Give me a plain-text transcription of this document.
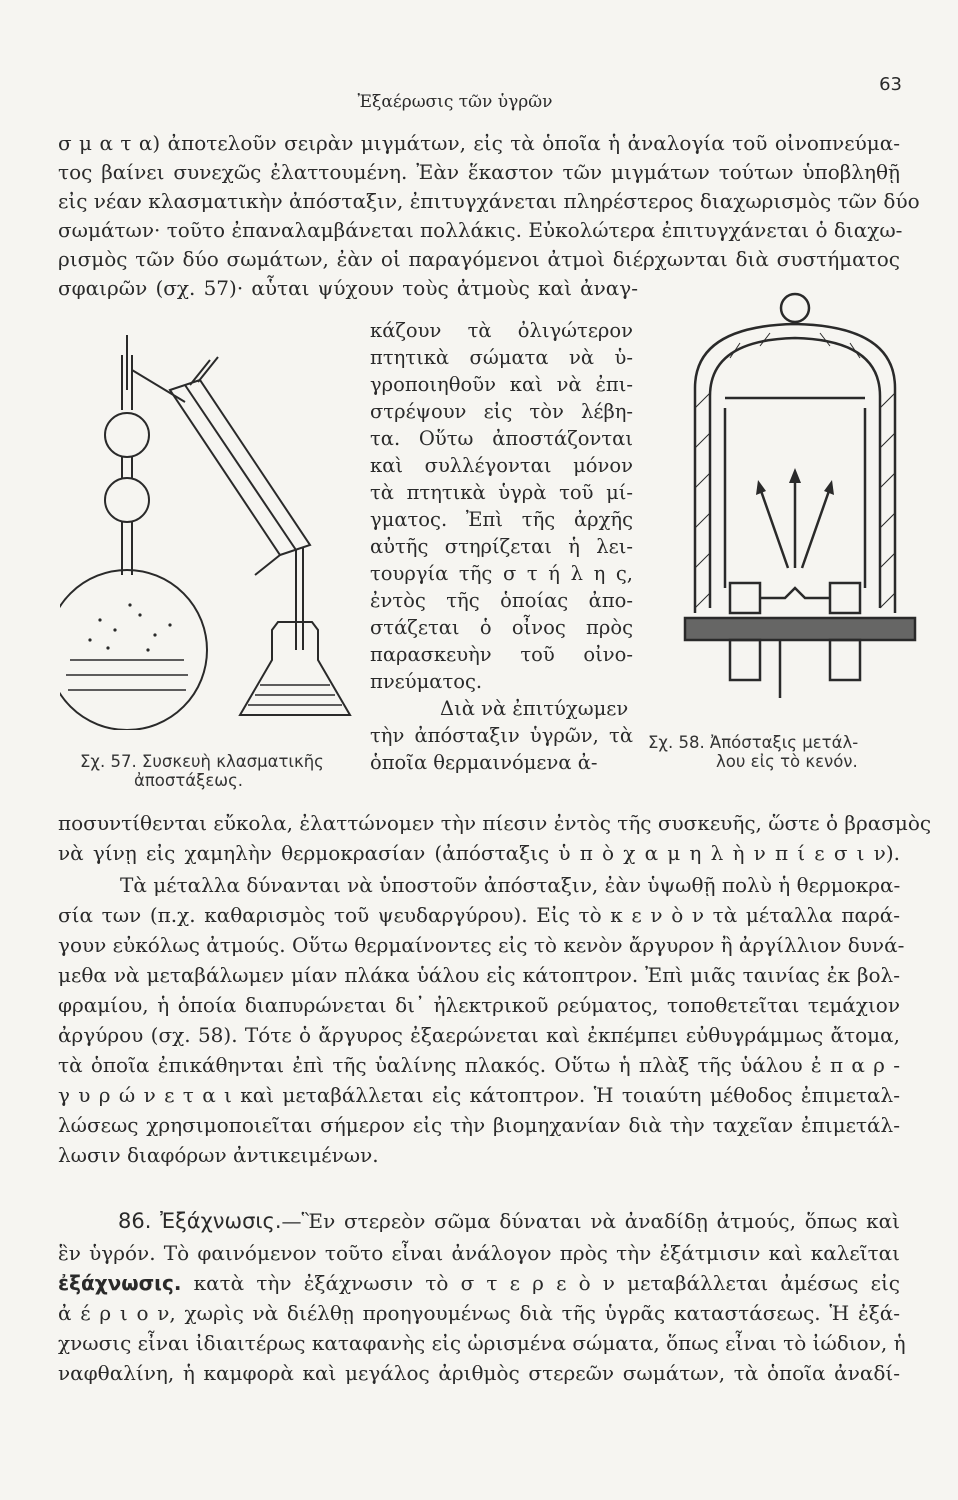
Ἐξαέρωσις τῶν ὑγρῶν
63
σ μ α τ α) ἀποτελοῦν σειρὰν μιγμάτων, εἰς τὰ ὁποῖα ἡ ἀναλογία τοῦ οἰνοπνεύμα-
τος βαίνει συνεχῶς ἐλαττουμένη. Ἐὰν ἕκαστον τῶν μιγμάτων τούτων ὑποβληθῇ
εἰς νέαν κλασματικὴν ἀπόσταξιν, ἐπιτυγχάνεται πληρέστερος διαχωρισμὸς τῶν δύο
σωμάτων· τοῦτο ἐπαναλαμβάνεται πολλάκις. Εὐκολώτερα ἐπιτυγχάνεται ὁ διαχω-
ρισμὸς τῶν δύο σωμάτων, ἐὰν οἱ παραγόμενοι ἀτμοὶ διέρχωνται διὰ συστήματος
σφαιρῶν (σχ. 57)· αὗται ψύχουν τοὺς ἀτμοὺς καὶ ἀναγ-
κάζουν τὰ ὀλιγώτερον
πτητικὰ σώματα νὰ ὑ-
γροποιηθοῦν καὶ νὰ ἐπι-
στρέψουν εἰς τὸν λέβη-
τα. Οὕτω ἀποστάζονται
καὶ συλλέγονται μόνον
τὰ πτητικὰ ὑγρὰ τοῦ μί-
γματος. Ἐπὶ τῆς ἀρχῆς
αὐτῆς στηρίζεται ἡ λει-
τουργία τῆς σ τ ή λ η ς,
ἐντὸς τῆς ὁποίας ἀπο-
στάζεται ὁ οἶνος πρὸς
παρασκευὴν τοῦ οἰνο-
πνεύματος.
Διὰ νὰ ἐπιτύχωμεν
τὴν ἀπόσταξιν ὑγρῶν, τὰ
ὁποῖα θερμαινόμενα ἀ-
Σχ. 57. Συσκευὴ κλασματικῆς
ἀποστάξεως.
Σχ. 58. Ἀπόσταξις μετάλ-
λου εἰς τὸ κενόν.
ποσυντίθενται εὔκολα, ἐλαττώνομεν τὴν πίεσιν ἐντὸς τῆς συσκευῆς, ὥστε ὁ βρασμὸς
νὰ γίνῃ εἰς χαμηλὴν θερμοκρασίαν (ἀπόσταξις ὑ π ὸ χ α μ η λ ὴ ν π ί ε σ ι ν).
Τὰ μέταλλα δύνανται νὰ ὑποστοῦν ἀπόσταξιν, ἐὰν ὑψωθῇ πολὺ ἡ θερμοκρα-
σία των (π.χ. καθαρισμὸς τοῦ ψευδαργύρου). Εἰς τὸ κ ε ν ὸ ν τὰ μέταλλα παρά-
γουν εὐκόλως ἀτμούς. Οὕτω θερμαίνοντες εἰς τὸ κενὸν ἄργυρον ἢ ἀργίλλιον δυνά-
μεθα νὰ μεταβάλωμεν μίαν πλάκα ὑάλου εἰς κάτοπτρον. Ἐπὶ μιᾶς ταινίας ἐκ βολ-
φραμίου, ἡ ὁποία διαπυρώνεται δι᾽ ἠλεκτρικοῦ ρεύματος, τοποθετεῖται τεμάχιον
ἀργύρου (σχ. 58). Τότε ὁ ἄργυρος ἐξαερώνεται καὶ ἐκπέμπει εὐθυγράμμως ἄτομα,
τὰ ὁποῖα ἐπικάθηνται ἐπὶ τῆς ὑαλίνης πλακός. Οὕτω ἡ πλὰξ τῆς ὑάλου ἐ π α ρ -
γ υ ρ ώ ν ε τ α ι καὶ μεταβάλλεται εἰς κάτοπτρον. Ἡ τοιαύτη μέθοδος ἐπιμεταλ-
λώσεως χρησιμοποιεῖται σήμερον εἰς τὴν βιομηχανίαν διὰ τὴν ταχεῖαν ἐπιμετάλ-
λωσιν διαφόρων ἀντικειμένων.
86. Ἐξάχνωσις.—Ἓν στερεὸν σῶμα δύναται νὰ ἀναδίδῃ ἀτμούς, ὅπως καὶ
ἓν ὑγρόν. Τὸ φαινόμενον τοῦτο εἶναι ἀνάλογον πρὸς τὴν ἐξάτμισιν καὶ καλεῖται
ἐξάχνωσις. κατὰ τὴν ἐξάχνωσιν τὸ σ τ ε ρ ε ὸ ν μεταβάλλεται ἀμέσως εἰς
ἀ έ ρ ι ο ν, χωρὶς νὰ διέλθῃ προηγουμένως διὰ τῆς ὑγρᾶς καταστάσεως. Ἡ ἐξά-
χνωσις εἶναι ἰδιαιτέρως καταφανὴς εἰς ὡρισμένα σώματα, ὅπως εἶναι τὸ ἰώδιον, ἡ
ναφθαλίνη, ἡ καμφορὰ καὶ μεγάλος ἀριθμὸς στερεῶν σωμάτων, τὰ ὁποῖα ἀναδί-
